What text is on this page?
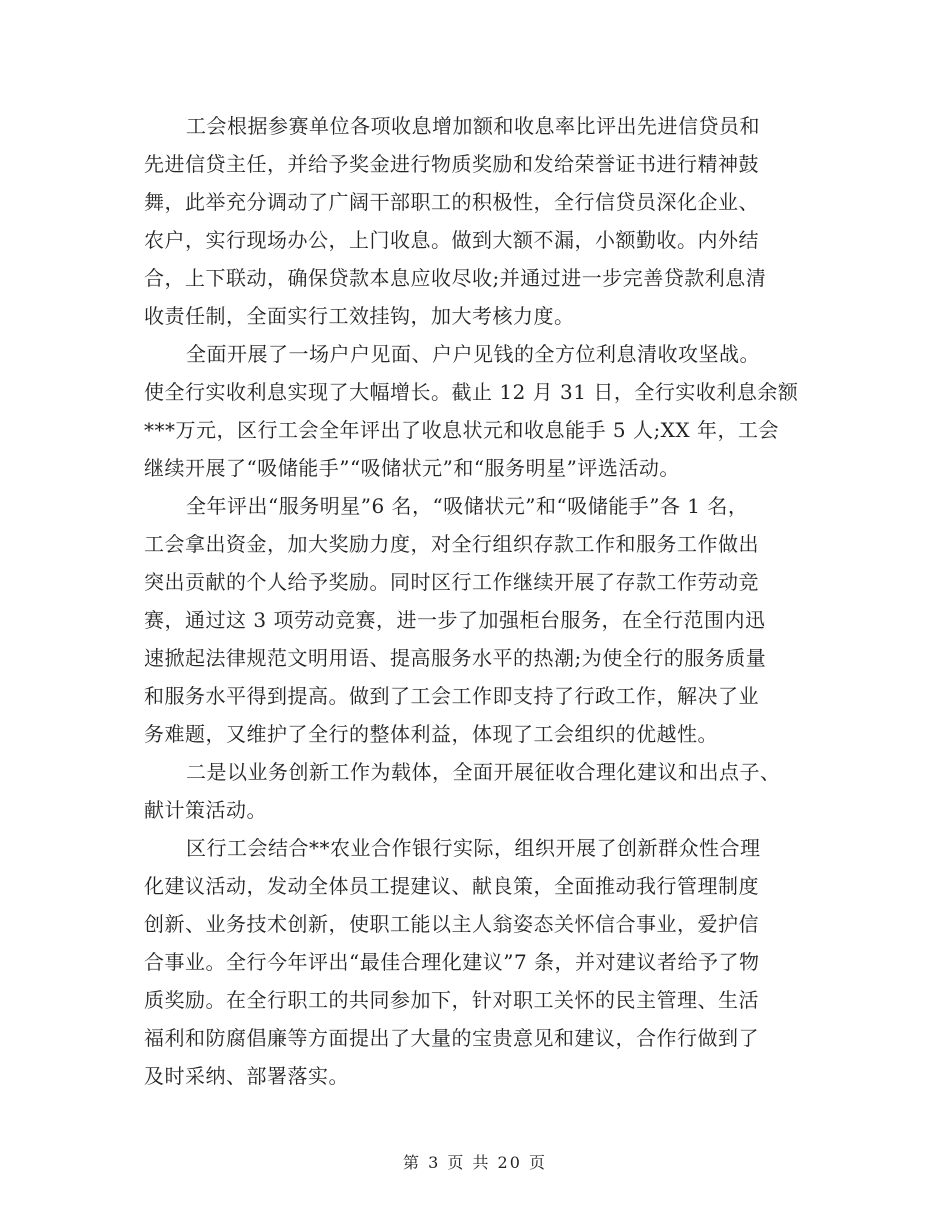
工会根据参赛单位各项收息增加额和收息率比评出先进信贷员和
先进信贷主任，并给予奖金进行物质奖励和发给荣誉证书进行精神鼓
舞，此举充分调动了广阔干部职工的积极性，全行信贷员深化企业、
农户，实行现场办公，上门收息。做到大额不漏，小额勤收。内外结
合，上下联动，确保贷款本息应收尽收;并通过进一步完善贷款利息清
收责任制，全面实行工效挂钩，加大考核力度。
全面开展了一场户户见面、户户见钱的全方位利息清收攻坚战。
使全行实收利息实现了大幅增长。截止 12 月 31 日，全行实收利息余额
***万元，区行工会全年评出了收息状元和收息能手 5 人;XX 年，工会
继续开展了“吸储能手”“吸储状元”和“服务明星”评选活动。
全年评出“服务明星”6 名，“吸储状元”和“吸储能手”各 1 名，
工会拿出资金，加大奖励力度，对全行组织存款工作和服务工作做出
突出贡献的个人给予奖励。同时区行工作继续开展了存款工作劳动竞
赛，通过这 3 项劳动竞赛，进一步了加强柜台服务，在全行范围内迅
速掀起法律规范文明用语、提高服务水平的热潮;为使全行的服务质量
和服务水平得到提高。做到了工会工作即支持了行政工作，解决了业
务难题，又维护了全行的整体利益，体现了工会组织的优越性。
二是以业务创新工作为载体，全面开展征收合理化建议和出点子、
献计策活动。
区行工会结合**农业合作银行实际，组织开展了创新群众性合理
化建议活动，发动全体员工提建议、献良策，全面推动我行管理制度
创新、业务技术创新，使职工能以主人翁姿态关怀信合事业，爱护信
合事业。全行今年评出“最佳合理化建议”7 条，并对建议者给予了物
质奖励。在全行职工的共同参加下，针对职工关怀的民主管理、生活
福利和防腐倡廉等方面提出了大量的宝贵意见和建议，合作行做到了
及时采纳、部署落实。
第 3 页 共 20 页
